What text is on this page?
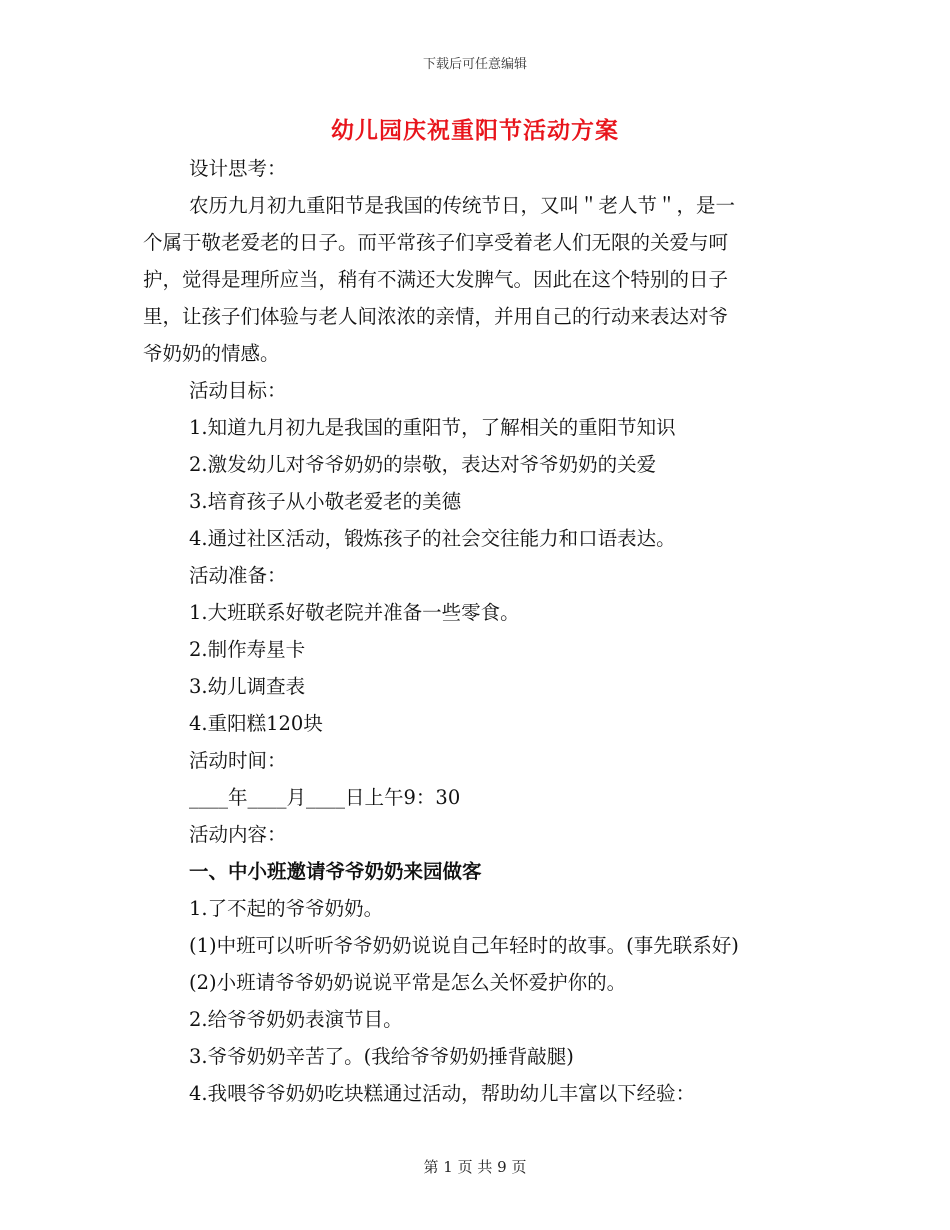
下载后可任意编辑
幼儿园庆祝重阳节活动方案
设计思考：
农历九月初九重阳节是我国的传统节日，又叫＂老人节＂，是一
个属于敬老爱老的日子。而平常孩子们享受着老人们无限的关爱与呵
护，觉得是理所应当，稍有不满还大发脾气。因此在这个特别的日子
里，让孩子们体验与老人间浓浓的亲情，并用自己的行动来表达对爷
爷奶奶的情感。
活动目标：
1.知道九月初九是我国的重阳节，了解相关的重阳节知识
2.激发幼儿对爷爷奶奶的崇敬，表达对爷爷奶奶的关爱
3.培育孩子从小敬老爱老的美德
4.通过社区活动，锻炼孩子的社会交往能力和口语表达。
活动准备：
1.大班联系好敬老院并准备一些零食。
2.制作寿星卡
3.幼儿调查表
4.重阳糕120块
活动时间：
____年____月____日上午9：30
活动内容：
一、中小班邀请爷爷奶奶来园做客
1.了不起的爷爷奶奶。
(1)中班可以听听爷爷奶奶说说自己年轻时的故事。(事先联系好)
(2)小班请爷爷奶奶说说平常是怎么关怀爱护你的。
2.给爷爷奶奶表演节目。
3.爷爷奶奶辛苦了。(我给爷爷奶奶捶背敲腿)
4.我喂爷爷奶奶吃块糕通过活动，帮助幼儿丰富以下经验：
第 1 页 共 9 页
